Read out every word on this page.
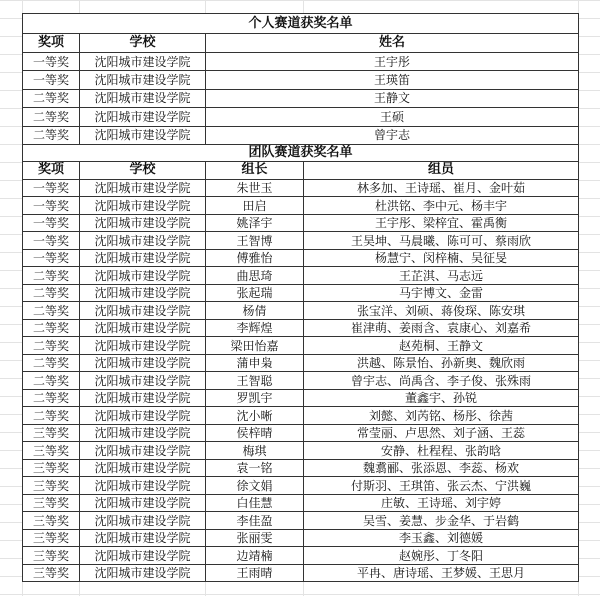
个人赛道获奖名单			
奖项	学校	姓名	
一等奖	沈阳城市建设学院	王宇彤	
一等奖	沈阳城市建设学院	王瑛笛	
二等奖	沈阳城市建设学院	王静文	
二等奖	沈阳城市建设学院	王硕	
二等奖	沈阳城市建设学院	曾宇志	
团队赛道获奖名单			
奖项	学校	组长	组员
一等奖	沈阳城市建设学院	朱世玉	林多加、王诗瑶、崔月、金叶茹
一等奖	沈阳城市建设学院	田启	杜洪铭、李中元、杨丰宇
一等奖	沈阳城市建设学院	姚泽宇	王宇彤、梁梓宜、霍禹衡
一等奖	沈阳城市建设学院	王智博	王昊坤、马晨曦、陈可可、蔡雨欣
一等奖	沈阳城市建设学院	傅雅怡	杨慧宁、闵梓楠、吴征旻
二等奖	沈阳城市建设学院	曲思琦	王芷淇、马志远
二等奖	沈阳城市建设学院	张起瑞	马宇博文、金雷
二等奖	沈阳城市建设学院	杨倩	张宝洋、刘硕、蒋俊琛、陈安琪
二等奖	沈阳城市建设学院	李辉煌	崔津萌、姜雨含、袁康心、刘嘉希
二等奖	沈阳城市建设学院	梁田怡嘉	赵苑桐、王静文
二等奖	沈阳城市建设学院	蒲申枭	洪越、陈景怡、孙新奥、魏欣雨
二等奖	沈阳城市建设学院	王智聪	曾宇志、尚禹含、李子俊、张殊雨
二等奖	沈阳城市建设学院	罗凯宇	董鑫宇、孙锐
二等奖	沈阳城市建设学院	沈小晰	刘懿、刘芮铭、杨彤、徐茜
三等奖	沈阳城市建设学院	侯梓晴	常莹丽、卢思然、刘子涵、王蕊
三等奖	沈阳城市建设学院	梅琪	安静、杜程程、张韵晗
三等奖	沈阳城市建设学院	袁一铭	魏翥郦、张添恩、李蕊、杨欢
三等奖	沈阳城市建设学院	徐文娟	付斯羽、王琪笛、张云杰、宁洪巍
三等奖	沈阳城市建设学院	白佳慧	庄敏、王诗瑶、刘宇婷
三等奖	沈阳城市建设学院	李佳盈	吴雪、姜慧、步金华、于岩鹤
三等奖	沈阳城市建设学院	张丽雯	李玉鑫、刘德媛
三等奖	沈阳城市建设学院	边靖楠	赵婉彤、丁冬阳
三等奖	沈阳城市建设学院	王雨晴	平冉、唐诗瑶、王梦媛、王思月
